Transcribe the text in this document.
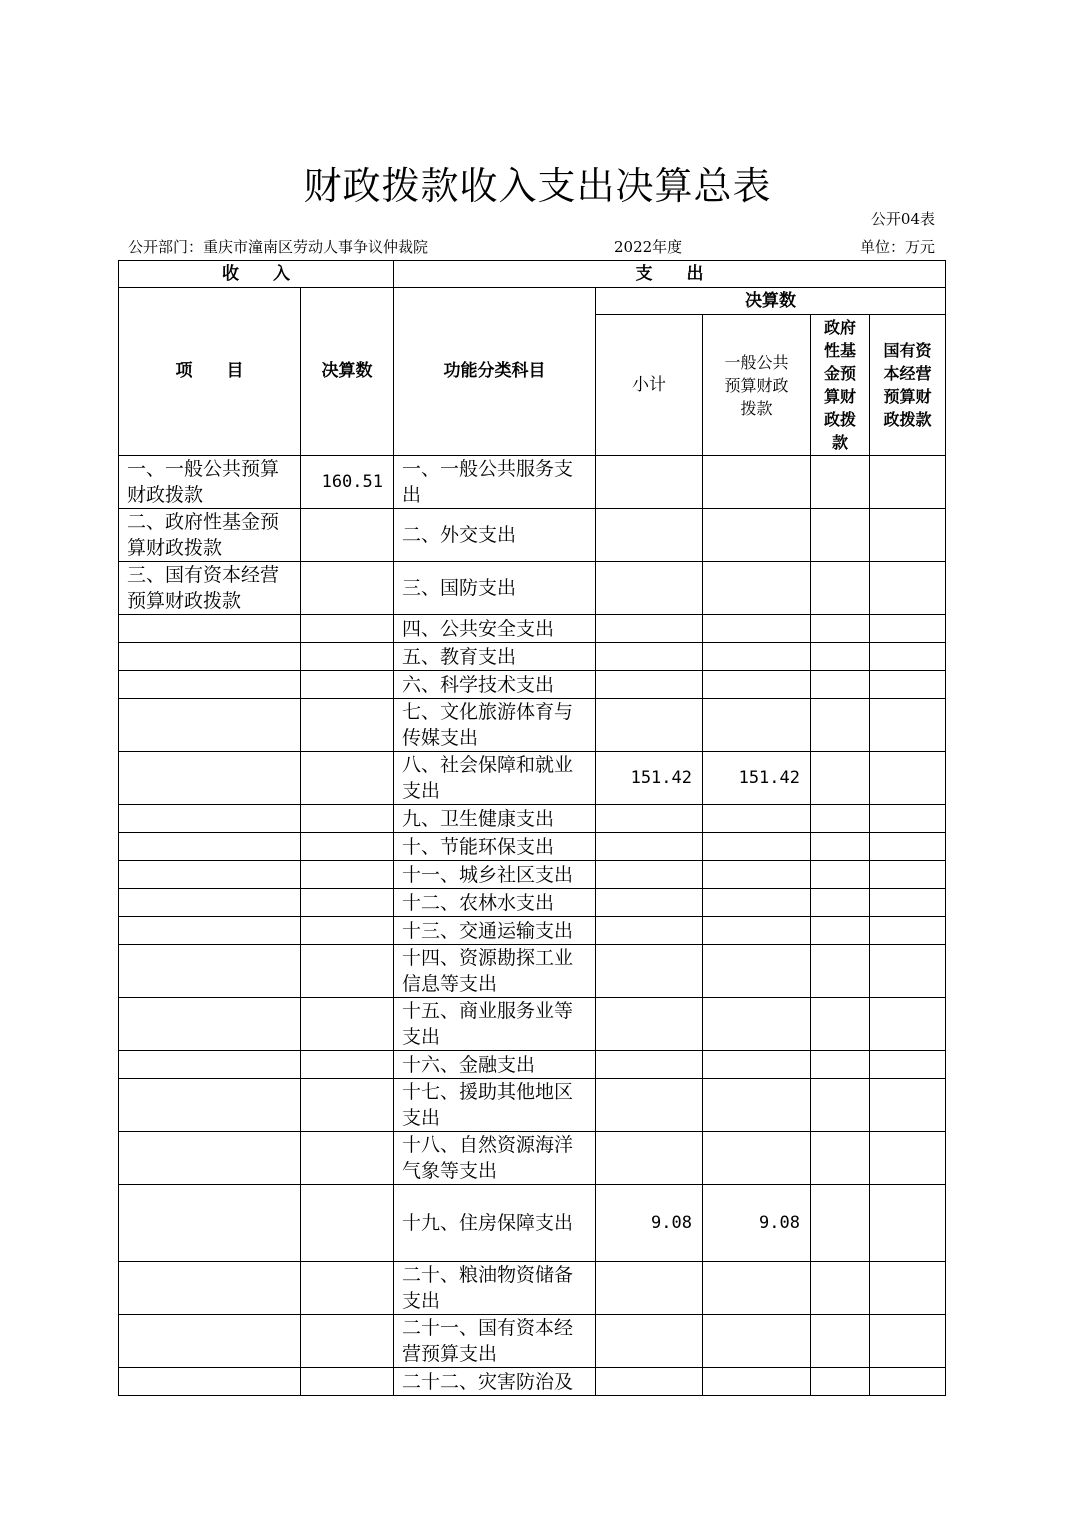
财政拨款收入支出决算总表
公开04表
公开部门：重庆市潼南区劳动人事争议仲裁院	2022年度	单位：万元
收　　入		支　　出				
项　　目	决算数	功能分类科目	决算数			
			小计	一般公共预算财政拨款	政府性基金预算财政拨款	国有资本经营预算财政拨款
一、一般公共预算财政拨款	160.51	一、一般公共服务支出				
二、政府性基金预算财政拨款		二、外交支出				
三、国有资本经营预算财政拨款		三、国防支出				
		四、公共安全支出				
		五、教育支出				
		六、科学技术支出				
		七、文化旅游体育与传媒支出				
		八、社会保障和就业支出	151.42	151.42		
		九、卫生健康支出				
		十、节能环保支出				
		十一、城乡社区支出				
		十二、农林水支出				
		十三、交通运输支出				
		十四、资源勘探工业信息等支出				
		十五、商业服务业等支出				
		十六、金融支出				
		十七、援助其他地区支出				
		十八、自然资源海洋气象等支出				
		十九、住房保障支出	9.08	9.08		
		二十、粮油物资储备支出				
		二十一、国有资本经营预算支出				
		二十二、灾害防治及				
